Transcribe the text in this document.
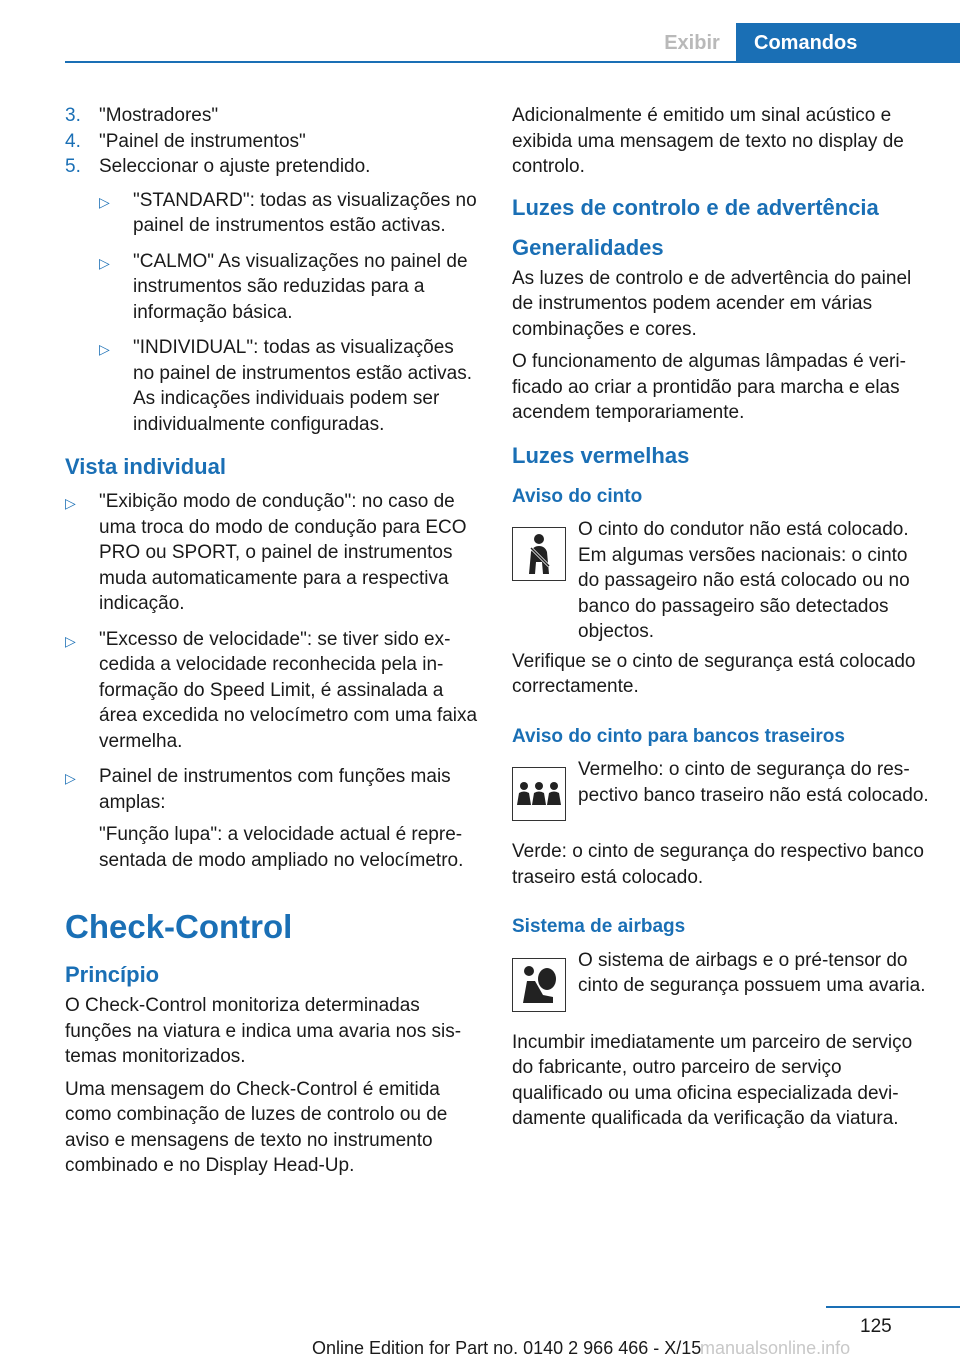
Exibir	Comandos
3. "Mostradores"
4. "Painel de instrumentos"
5. Seleccionar o ajuste pretendido.
▷	"STANDARD": todas as visualizações no painel de instrumentos estão activas.
▷	"CALMO" As visualizações no painel de instrumentos são reduzidas para a informação básica.
▷	"INDIVIDUAL": todas as visualizações no painel de instrumentos estão activas. As indicações individuais podem ser individualmente configuradas.
Vista individual
▷	"Exibição modo de condução": no caso de uma troca do modo de condução para ECO PRO ou SPORT, o painel de instrumentos muda automaticamente para a respectiva indicação.
▷	"Excesso de velocidade": se tiver sido excedida a velocidade reconhecida pela informação do Speed Limit, é assinalada a área excedida no velocímetro com uma faixa vermelha.
▷	Painel de instrumentos com funções mais amplas:
"Função lupa": a velocidade actual é representada de modo ampliado no velocímetro.
Check-Control
Princípio

O Check-Control monitoriza determinadas funções na viatura e indica uma avaria nos sistemas monitorizados.

Uma mensagem do Check-Control é emitida como combinação de luzes de controlo ou de aviso e mensagens de texto no instrumento combinado e no Display Head-Up.

Adicionalmente é emitido um sinal acústico e exibida uma mensagem de texto no display de controlo.

Luzes de controlo e de advertência
Generalidades

As luzes de controlo e de advertência do painel de instrumentos podem acender em várias combinações e cores.

O funcionamento de algumas lâmpadas é verificado ao criar a prontidão para marcha e elas acendem temporariamente.

Luzes vermelhas
Aviso do cinto
O cinto do condutor não está colocado. Em algumas versões nacionais: o cinto do passageiro não está colocado ou no banco do passageiro são detectados objectos.

Verifique se o cinto de segurança está colocado correctamente.

Aviso do cinto para bancos traseiros
Vermelho: o cinto de segurança do respectivo banco traseiro não está colocado.

Verde: o cinto de segurança do respectivo banco traseiro está colocado.

Sistema de airbags
O sistema de airbags e o pré-tensor do cinto de segurança possuem uma avaria.

Incumbir imediatamente um parceiro de serviço do fabricante, outro parceiro de serviço qualificado ou uma oficina especializada devidamente qualificada da verificação da viatura.

125
Online Edition for Part no. 0140 2 966 466 - X/15
manualsonline.info
